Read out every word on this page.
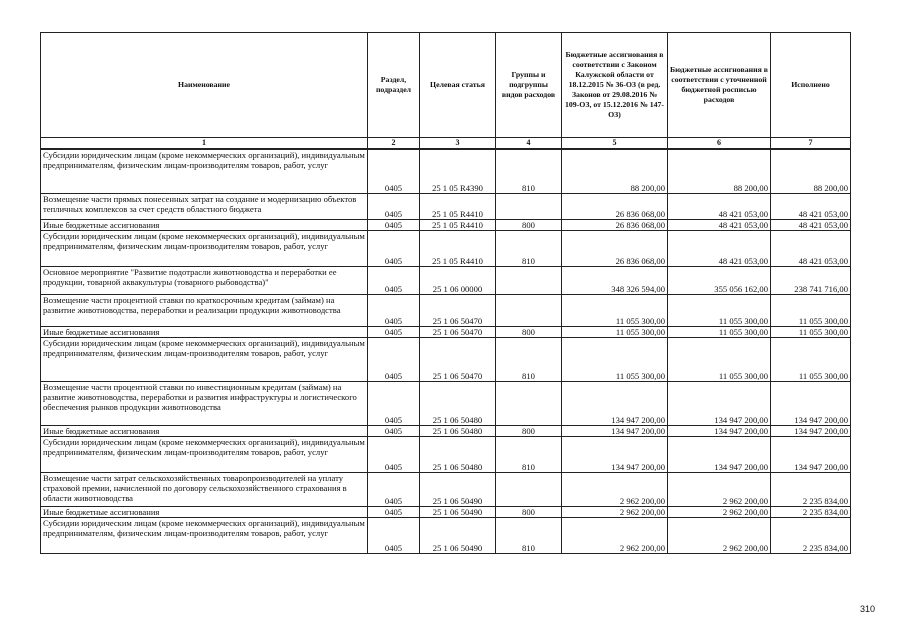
Наименование	Раздел, подраздел	Целевая статья	Группы и подгруппы видов расходов	Бюджетные ассигнования в соответствии с Законом Калужской области от 18.12.2015 № 36-ОЗ (в ред. Законов от 29.08.2016 № 109-ОЗ, от 15.12.2016 № 147-ОЗ)	Бюджетные ассигнования в соответствии с уточненной бюджетной росписью расходов	Исполнено
1	2	3	4	5	6	7
Субсидии юридическим лицам (кроме некоммерческих организаций), индивидуальным предпринимателям, физическим лицам-производителям товаров, работ, услуг	0405	25 1 05 R4390	810	88 200,00	88 200,00	88 200,00
Возмещение части прямых понесенных затрат на создание и модернизацию объектов тепличных комплексов за счет средств областного бюджета	0405	25 1 05 R4410		26 836 068,00	48 421 053,00	48 421 053,00
Иные бюджетные ассигнования	0405	25 1 05 R4410	800	26 836 068,00	48 421 053,00	48 421 053,00
Субсидии юридическим лицам (кроме некоммерческих организаций), индивидуальным предпринимателям, физическим лицам-производителям товаров, работ, услуг	0405	25 1 05 R4410	810	26 836 068,00	48 421 053,00	48 421 053,00
Основное мероприятие "Развитие подотрасли животноводства и переработки ее продукции, товарной аквакультуры (товарного рыбоводства)"	0405	25 1 06 00000		348 326 594,00	355 056 162,00	238 741 716,00
Возмещение части процентной ставки по краткосрочным кредитам (займам) на развитие животноводства, переработки и реализации продукции животноводства	0405	25 1 06 50470		11 055 300,00	11 055 300,00	11 055 300,00
Иные бюджетные ассигнования	0405	25 1 06 50470	800	11 055 300,00	11 055 300,00	11 055 300,00
Субсидии юридическим лицам (кроме некоммерческих организаций), индивидуальным предпринимателям, физическим лицам-производителям товаров, работ, услуг	0405	25 1 06 50470	810	11 055 300,00	11 055 300,00	11 055 300,00
Возмещение части процентной ставки по инвестиционным кредитам (займам) на развитие животноводства, переработки и развития инфраструктуры и логистического обеспечения рынков продукции животноводства	0405	25 1 06 50480		134 947 200,00	134 947 200,00	134 947 200,00
Иные бюджетные ассигнования	0405	25 1 06 50480	800	134 947 200,00	134 947 200,00	134 947 200,00
Субсидии юридическим лицам (кроме некоммерческих организаций), индивидуальным предпринимателям, физическим лицам-производителям товаров, работ, услуг	0405	25 1 06 50480	810	134 947 200,00	134 947 200,00	134 947 200,00
Возмещение части затрат сельскохозяйственных товаропроизводителей на уплату страховой премии, начисленной по договору сельскохозяйственного страхования в области животноводства	0405	25 1 06 50490		2 962 200,00	2 962 200,00	2 235 834,00
Иные бюджетные ассигнования	0405	25 1 06 50490	800	2 962 200,00	2 962 200,00	2 235 834,00
Субсидии юридическим лицам (кроме некоммерческих организаций), индивидуальным предпринимателям, физическим лицам-производителям товаров, работ, услуг	0405	25 1 06 50490	810	2 962 200,00	2 962 200,00	2 235 834,00
310
